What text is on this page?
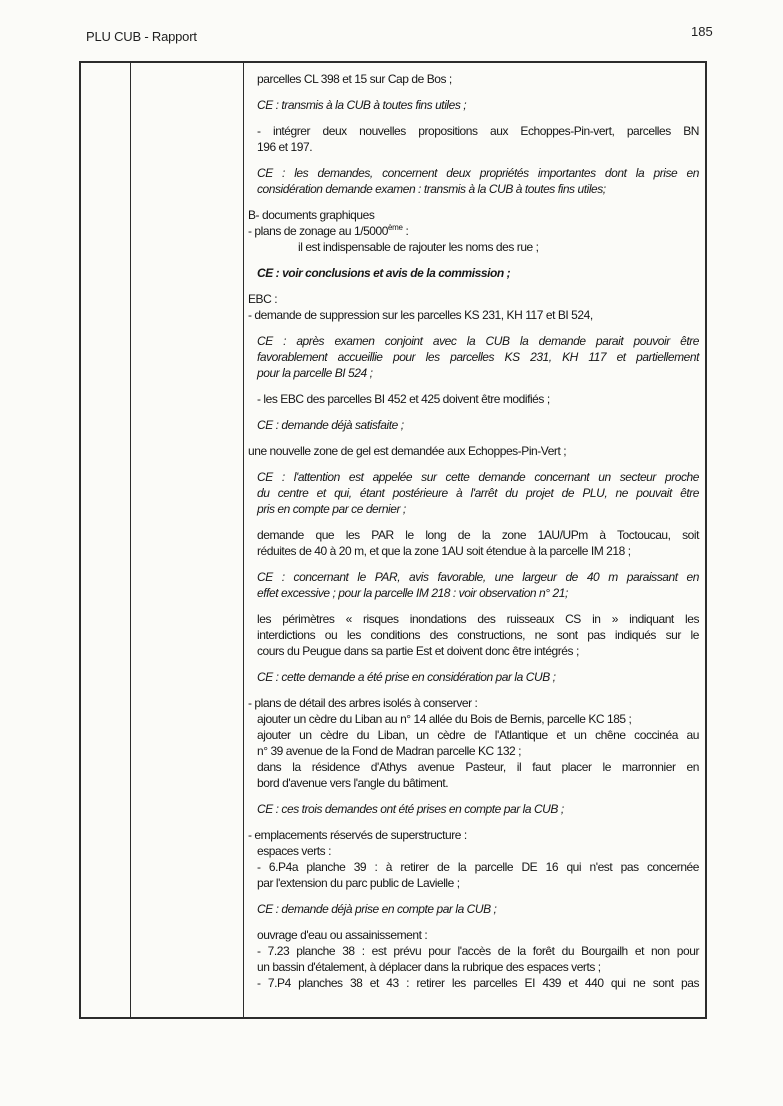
PLU CUB - Rapport	185
parcelles CL 398 et 15 sur Cap de Bos ;
CE : transmis à la CUB à toutes fins utiles ;
- intégrer deux nouvelles propositions aux Echoppes-Pin-vert, parcelles BN
196 et 197.
CE : les demandes, concernent deux propriétés importantes dont la prise en
considération demande examen : transmis à la CUB à toutes fins utiles;
B- documents graphiques
- plans de zonage au 1/5000ème :
il est indispensable de rajouter les noms des rue ;
CE : voir conclusions et avis de la commission ;
EBC :
- demande de suppression sur les parcelles KS 231, KH 117 et BI 524,
CE : après examen conjoint avec la CUB la demande parait pouvoir être
favorablement accueillie pour les parcelles KS 231, KH 117 et partiellement
pour la parcelle BI 524 ;
- les EBC des parcelles BI 452 et 425 doivent être modifiés ;
CE : demande déjà satisfaite ;
une nouvelle zone de gel est demandée aux Echoppes-Pin-Vert ;
CE : l'attention est appelée sur cette demande concernant un secteur proche
du centre et qui, étant postérieure à l'arrêt du projet de PLU, ne pouvait être
pris en compte par ce dernier ;
demande que les PAR le long de la zone 1AU/UPm à Toctoucau, soit
réduites de 40 à 20 m, et que la zone 1AU soit étendue à la parcelle IM 218 ;
CE : concernant le PAR, avis favorable, une largeur de 40 m paraissant en
effet excessive ; pour la parcelle IM 218 : voir observation n° 21;
les périmètres « risques inondations des ruisseaux CS in » indiquant les
interdictions ou les conditions des constructions, ne sont pas indiqués sur le
cours du Peugue dans sa partie Est et doivent donc être intégrés ;
CE : cette demande a été prise en considération par la CUB ;
- plans de détail des arbres isolés à conserver :
ajouter un cèdre du Liban au n° 14 allée du Bois de Bernis, parcelle KC 185 ;
ajouter un cèdre du Liban, un cèdre de l'Atlantique et un chêne coccinéa au
n° 39 avenue de la Fond de Madran parcelle KC 132 ;
dans la résidence d'Athys avenue Pasteur, il faut placer le marronnier en
bord d'avenue vers l'angle du bâtiment.
CE : ces trois demandes ont été prises en compte par la CUB ;
- emplacements réservés de superstructure :
espaces verts :
- 6.P4a planche 39 : à retirer de la parcelle DE 16 qui n'est pas concernée
par l'extension du parc public de Lavielle ;
CE : demande déjà prise en compte par la CUB ;
ouvrage d'eau ou assainissement :
- 7.23 planche 38 : est prévu pour l'accès de la forêt du Bourgailh et non pour
un bassin d'étalement, à déplacer dans la rubrique des espaces verts ;
- 7.P4 planches 38 et 43 : retirer les parcelles EI 439 et 440 qui ne sont pas
